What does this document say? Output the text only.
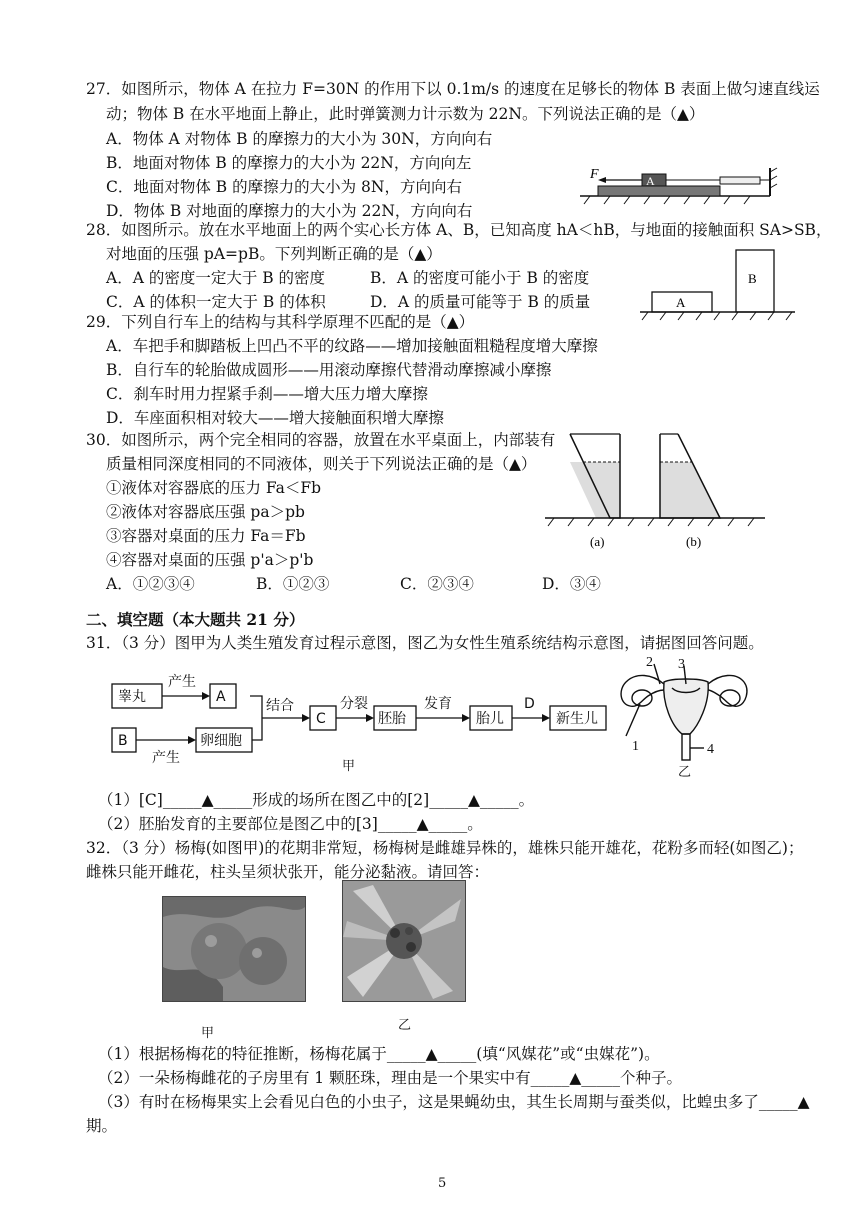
27．如图所示，物体 A 在拉力 F=30N 的作用下以 0.1m/s 的速度在足够长的物体 B 表面上做匀速直线运
动；物体 B 在水平地面上静止，此时弹簧测力计示数为 22N。下列说法正确的是（▲）
A．物体 A 对物体 B 的摩擦力的大小为 30N，方向向右
B．地面对物体 B 的摩擦力的大小为 22N，方向向左
C．地面对物体 B 的摩擦力的大小为 8N，方向向右
D．物体 B 对地面的摩擦力的大小为 22N，方向向右
F	A
28．如图所示。放在水平地面上的两个实心长方体 A、B，已知高度 hA＜hB，与地面的接触面积 SA>SB，
对地面的压强 pA=pB。下列判断正确的是（▲）
A．A 的密度一定大于 B 的密度	B．A 的密度可能小于 B 的密度
C．A 的体积一定大于 B 的体积	D．A 的质量可能等于 B 的质量	A
B
29．下列自行车上的结构与其科学原理不匹配的是（▲）
A．车把手和脚踏板上凹凸不平的纹路——增加接触面粗糙程度增大摩擦
B．自行车的轮胎做成圆形——用滚动摩擦代替滑动摩擦减小摩擦
C．刹车时用力捏紧手刹——增大压力增大摩擦
D．车座面积相对较大——增大接触面积增大摩擦
30．如图所示，两个完全相同的容器，放置在水平桌面上，内部装有
质量相同深度相同的不同液体，则关于下列说法正确的是（▲）
①液体对容器底的压力 Fa＜Fb
②液体对容器底压强 pa＞pb
③容器对桌面的压力 Fa＝Fb
④容器对桌面的压强 p'a＞p'b
A．①②③④	B．①②③	C．②③④	D．③④
(a)	(b)
二、填空题（本大题共 21 分）
31．（3 分）图甲为人类生殖发育过程示意图，图乙为女性生殖系统结构示意图，请据图回答问题。
睾丸	A
B	卵细胞
产生
产生
结合
C
分裂
胚胎
发育
胎儿
D
新生儿
甲
2 3
1	4
乙
（1）[C]_____▲_____形成的场所在图乙中的[2]_____▲_____。
（2）胚胎发育的主要部位是图乙中的[3]_____▲_____。
32．（3 分）杨梅(如图甲)的花期非常短，杨梅树是雌雄异株的，雄株只能开雄花，花粉多而轻(如图乙)；
雌株只能开雌花，柱头呈须状张开，能分泌黏液。请回答：
甲
乙
（1）根据杨梅花的特征推断，杨梅花属于_____▲_____(填“风媒花”或“虫媒花”)。
（2）一朵杨梅雌花的子房里有 1 颗胚珠，理由是一个果实中有_____▲_____个种子。
（3）有时在杨梅果实上会看见白色的小虫子，这是果蝇幼虫，其生长周期与蚕类似，比蝗虫多了_____▲
期。
5
